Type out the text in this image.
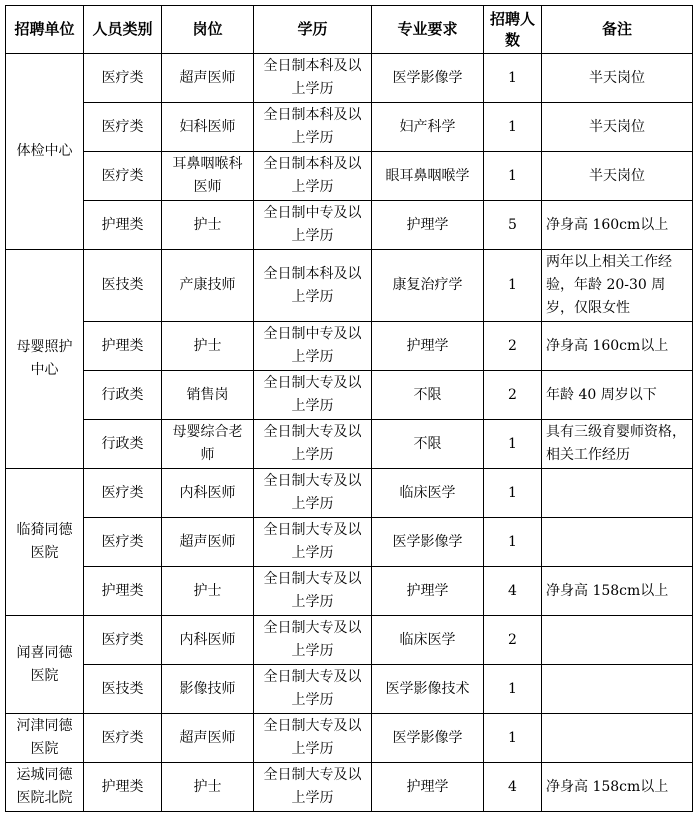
招聘单位	人员类别	岗位	学历	专业要求	招聘人数	备注
体检中心	医疗类	超声医师	全日制本科及以上学历	医学影像学	1	半天岗位
	医疗类	妇科医师	全日制本科及以上学历	妇产科学	1	半天岗位
	医疗类	耳鼻咽喉科医师	全日制本科及以上学历	眼耳鼻咽喉学	1	半天岗位
	护理类	护士	全日制中专及以上学历	护理学	5	净身高 160cm以上
母婴照护中心	医技类	产康技师	全日制本科及以上学历	康复治疗学	1	两年以上相关工作经验，年龄 20-30 周岁，仅限女性
	护理类	护士	全日制中专及以上学历	护理学	2	净身高 160cm以上
	行政类	销售岗	全日制大专及以上学历	不限	2	年龄 40 周岁以下
	行政类	母婴综合老师	全日制大专及以上学历	不限	1	具有三级育婴师资格，相关工作经历
临猗同德医院	医疗类	内科医师	全日制大专及以上学历	临床医学	1	
	医疗类	超声医师	全日制大专及以上学历	医学影像学	1	
	护理类	护士	全日制大专及以上学历	护理学	4	净身高 158cm以上
闻喜同德医院	医疗类	内科医师	全日制大专及以上学历	临床医学	2	
	医技类	影像技师	全日制大专及以上学历	医学影像技术	1	
河津同德医院	医疗类	超声医师	全日制大专及以上学历	医学影像学	1	
运城同德医院北院	护理类	护士	全日制大专及以上学历	护理学	4	净身高 158cm以上
